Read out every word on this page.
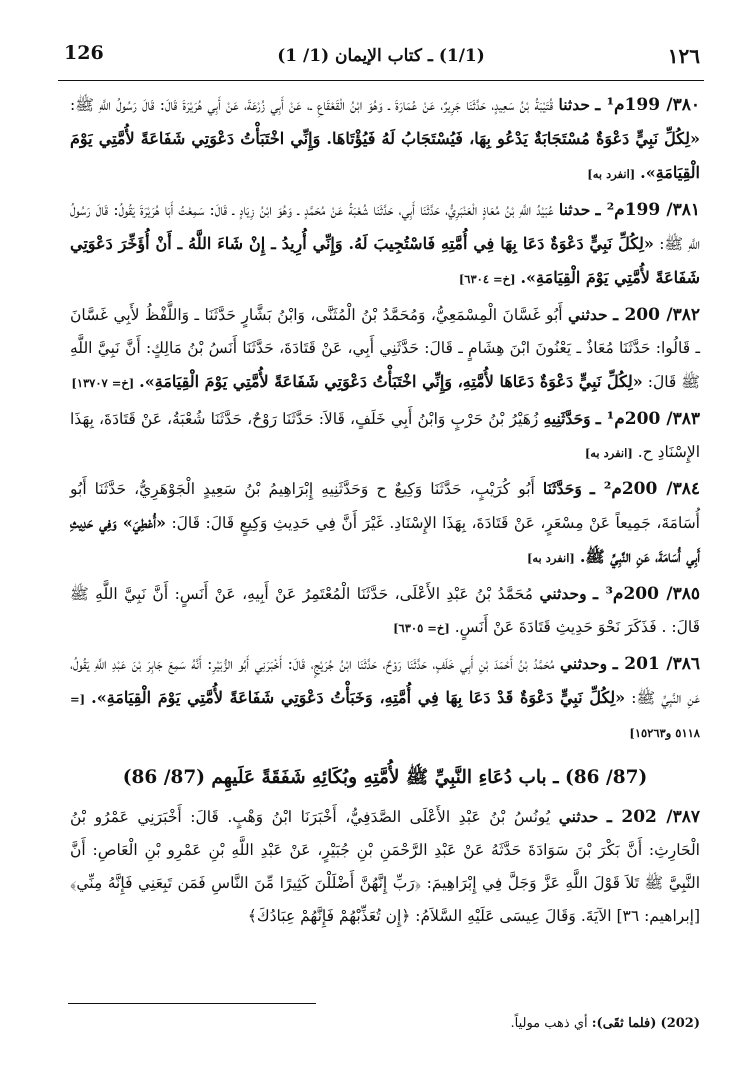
126	(1/1) ـ كتاب الإيمان (1/ 1)	١٢٦

٣٨٠/ 199م¹ ـ حدثنا قُتَيْبَةُ بْنُ سَعِيدٍ، حَدَّثَنَا جَرِيرٌ، عَنْ عُمَارَةَ ـ وَهُوَ ابْنُ الْقَعْقَاعِ ـ، عَنْ أَبِي زُرْعَةَ، عَنْ أَبِي هُرَيْرَةَ قَالَ: قَالَ رَسُولُ اللَّهِ ﷺ: «لِكُلِّ نَبِيٍّ دَعْوَةٌ مُسْتَجَابَةٌ يَدْعُو بِهَا، فَيُسْتَجَابُ لَهُ فَيُؤْتَاهَا. وَإِنِّي اخْتَبَأْتُ دَعْوَتِي شَفَاعَةً لأُمَّتِي يَوْمَ الْقِيَامَةِ». [انفرد به]

٣٨١/ 199م² ـ حدثنا عُبَيْدُ اللَّهِ بْنُ مُعَاذٍ الْعَنْبَرِيُّ، حَدَّثَنَا أَبِي، حَدَّثَنَا شُعْبَةُ عَنْ مُحَمَّدٍ ـ وَهُوَ ابْنُ زِيَادٍ ـ قَالَ: سَمِعْتُ أَبَا هُرَيْرَةَ يَقُولُ: قَالَ رَسُولُ اللَّهِ ﷺ: «لِكُلِّ نَبِيٍّ دَعْوَةٌ دَعَا بِهَا فِي أُمَّتِهِ فَاسْتُجِيبَ لَهُ. وَإِنِّي أُرِيدُ ـ إِنْ شَاءَ اللَّهُ ـ أَنْ أُؤَخِّرَ دَعْوَتِي شَفَاعَةً لأُمَّتِي يَوْمَ الْقِيَامَةِ». [خ= ٦٣٠٤]

٣٨٢/ 200 ـ حدثني أَبُو غَسَّانَ الْمِسْمَعِيُّ، وَمُحَمَّدُ بْنُ الْمُثَنَّى، وَابْنُ بَشَّارٍ حَدَّثَنَا ـ وَاللَّفْظُ لأَبِي غَسَّانَ ـ قَالُوا: حَدَّثَنَا مُعَاذٌ ـ يَعْنُونَ ابْنَ هِشَامٍ ـ قَالَ: حَدَّثَنِي أَبِي، عَنْ قَتَادَةَ، حَدَّثَنَا أَنَسُ بْنُ مَالِكٍ: أَنَّ نَبِيَّ اللَّهِ ﷺ قَالَ: «لِكُلِّ نَبِيٍّ دَعْوَةٌ دَعَاهَا لأُمَّتِهِ، وَإِنِّي اخْتَبَأْتُ دَعْوَتِي شَفَاعَةً لأُمَّتِي يَوْمَ الْقِيَامَةِ». [خ= ١٣٧٠٧]

٣٨٣/ 200م¹ ـ وَحَدَّثَنِيهِ زُهَيْرُ بْنُ حَرْبٍ وَابْنُ أَبِي خَلَفٍ، قَالاَ: حَدَّثَنَا رَوْحٌ، حَدَّثَنَا شُعْبَةُ، عَنْ قَتَادَةَ، بِهَذَا الإِسْنَادِ ح. [انفرد به]

٣٨٤/ 200م² ـ وَحَدَّثَنَا أَبُو كُرَيْبٍ، حَدَّثَنَا وَكِيعٌ ح وَحَدَّثَنِيهِ إِبْرَاهِيمُ بْنُ سَعِيدٍ الْجَوْهَرِيُّ، حَدَّثَنَا أَبُو أُسَامَةَ، جَمِيعاً عَنْ مِسْعَرٍ، عَنْ قَتَادَةَ، بِهَذَا الإِسْنَادِ. غَيْرَ أَنَّ فِي حَدِيثِ وَكِيعٍ قَالَ: قَالَ: «أُعْطِيَ» وَفِي حَدِيثِ أَبِي أُسَامَةَ، عَنِ النَّبِيِّ ﷺ. [انفرد به]

٣٨٥/ 200م³ ـ وحدثني مُحَمَّدُ بْنُ عَبْدِ الأَعْلَى، حَدَّثَنَا الْمُعْتَمِرُ عَنْ أَبِيهِ، عَنْ أَنَسٍ: أَنَّ نَبِيَّ اللَّهِ ﷺ قَالَ: . فَذَكَرَ نَحْوَ حَدِيثِ قَتَادَةَ عَنْ أَنَسٍ. [خ= ٦٣٠٥]

٣٨٦/ 201 ـ وحدثني مُحَمَّدُ بْنُ أَحْمَدَ بْنِ أَبِي خَلَفٍ، حَدَّثَنَا رَوْحٌ، حَدَّثَنَا ابْنُ جُرَيْجٍ، قَالَ: أَخْبَرَنِي أَبُو الزُّبَيْرِ: أَنَّهُ سَمِعَ جَابِرَ بْنَ عَبْدِ اللَّهِ يَقُولُ، عَنِ النَّبِيِّ ﷺ: «لِكُلِّ نَبِيٍّ دَعْوَةٌ قَدْ دَعَا بِهَا فِي أُمَّتِهِ، وَخَبَأْتُ دَعْوَتِي شَفَاعَةً لأُمَّتِي يَوْمَ الْقِيَامَةِ». [= ٥١١٨ و١٥٢٦٣]

(87/ 86) ـ باب دُعَاءِ النَّبِيِّ ﷺ لأُمَّتِهِ وبُكَائِهِ شَفَقَةً عَلَيهِم (87/ 86)

٣٨٧/ 202 ـ حدثني يُونُسُ بْنُ عَبْدِ الأَعْلَى الصَّدَفِيُّ، أَخْبَرَنَا ابْنُ وَهْبٍ. قَالَ: أَخْبَرَنِي عَمْرُو بْنُ الْحَارِثِ: أَنَّ بَكْرَ بْنَ سَوَادَةَ حَدَّثَهُ عَنْ عَبْدِ الرَّحْمَنِ بْنِ جُبَيْرٍ، عَنْ عَبْدِ اللَّهِ بْنِ عَمْرِو بْنِ الْعَاصِ: أَنَّ النَّبِيَّ ﷺ تَلاَ قَوْلَ اللَّهِ عَزَّ وَجَلَّ فِي إِبْرَاهِيمَ: ﴿رَبِّ إِنَّهُنَّ أَضْلَلْنَ كَثِيرًا مِّنَ النَّاسِ فَمَن تَبِعَنِي فَإِنَّهُ مِنِّي﴾ [إبراهيم: ٣٦] الآيَةَ. وَقَالَ عِيسَى عَلَيْهِ السَّلاَمُ: ﴿إِن تُعَذِّبْهُمْ فَإِنَّهُمْ عِبَادُكَ﴾

(202) (فلما ثقَى): أي ذهب مولياً.
